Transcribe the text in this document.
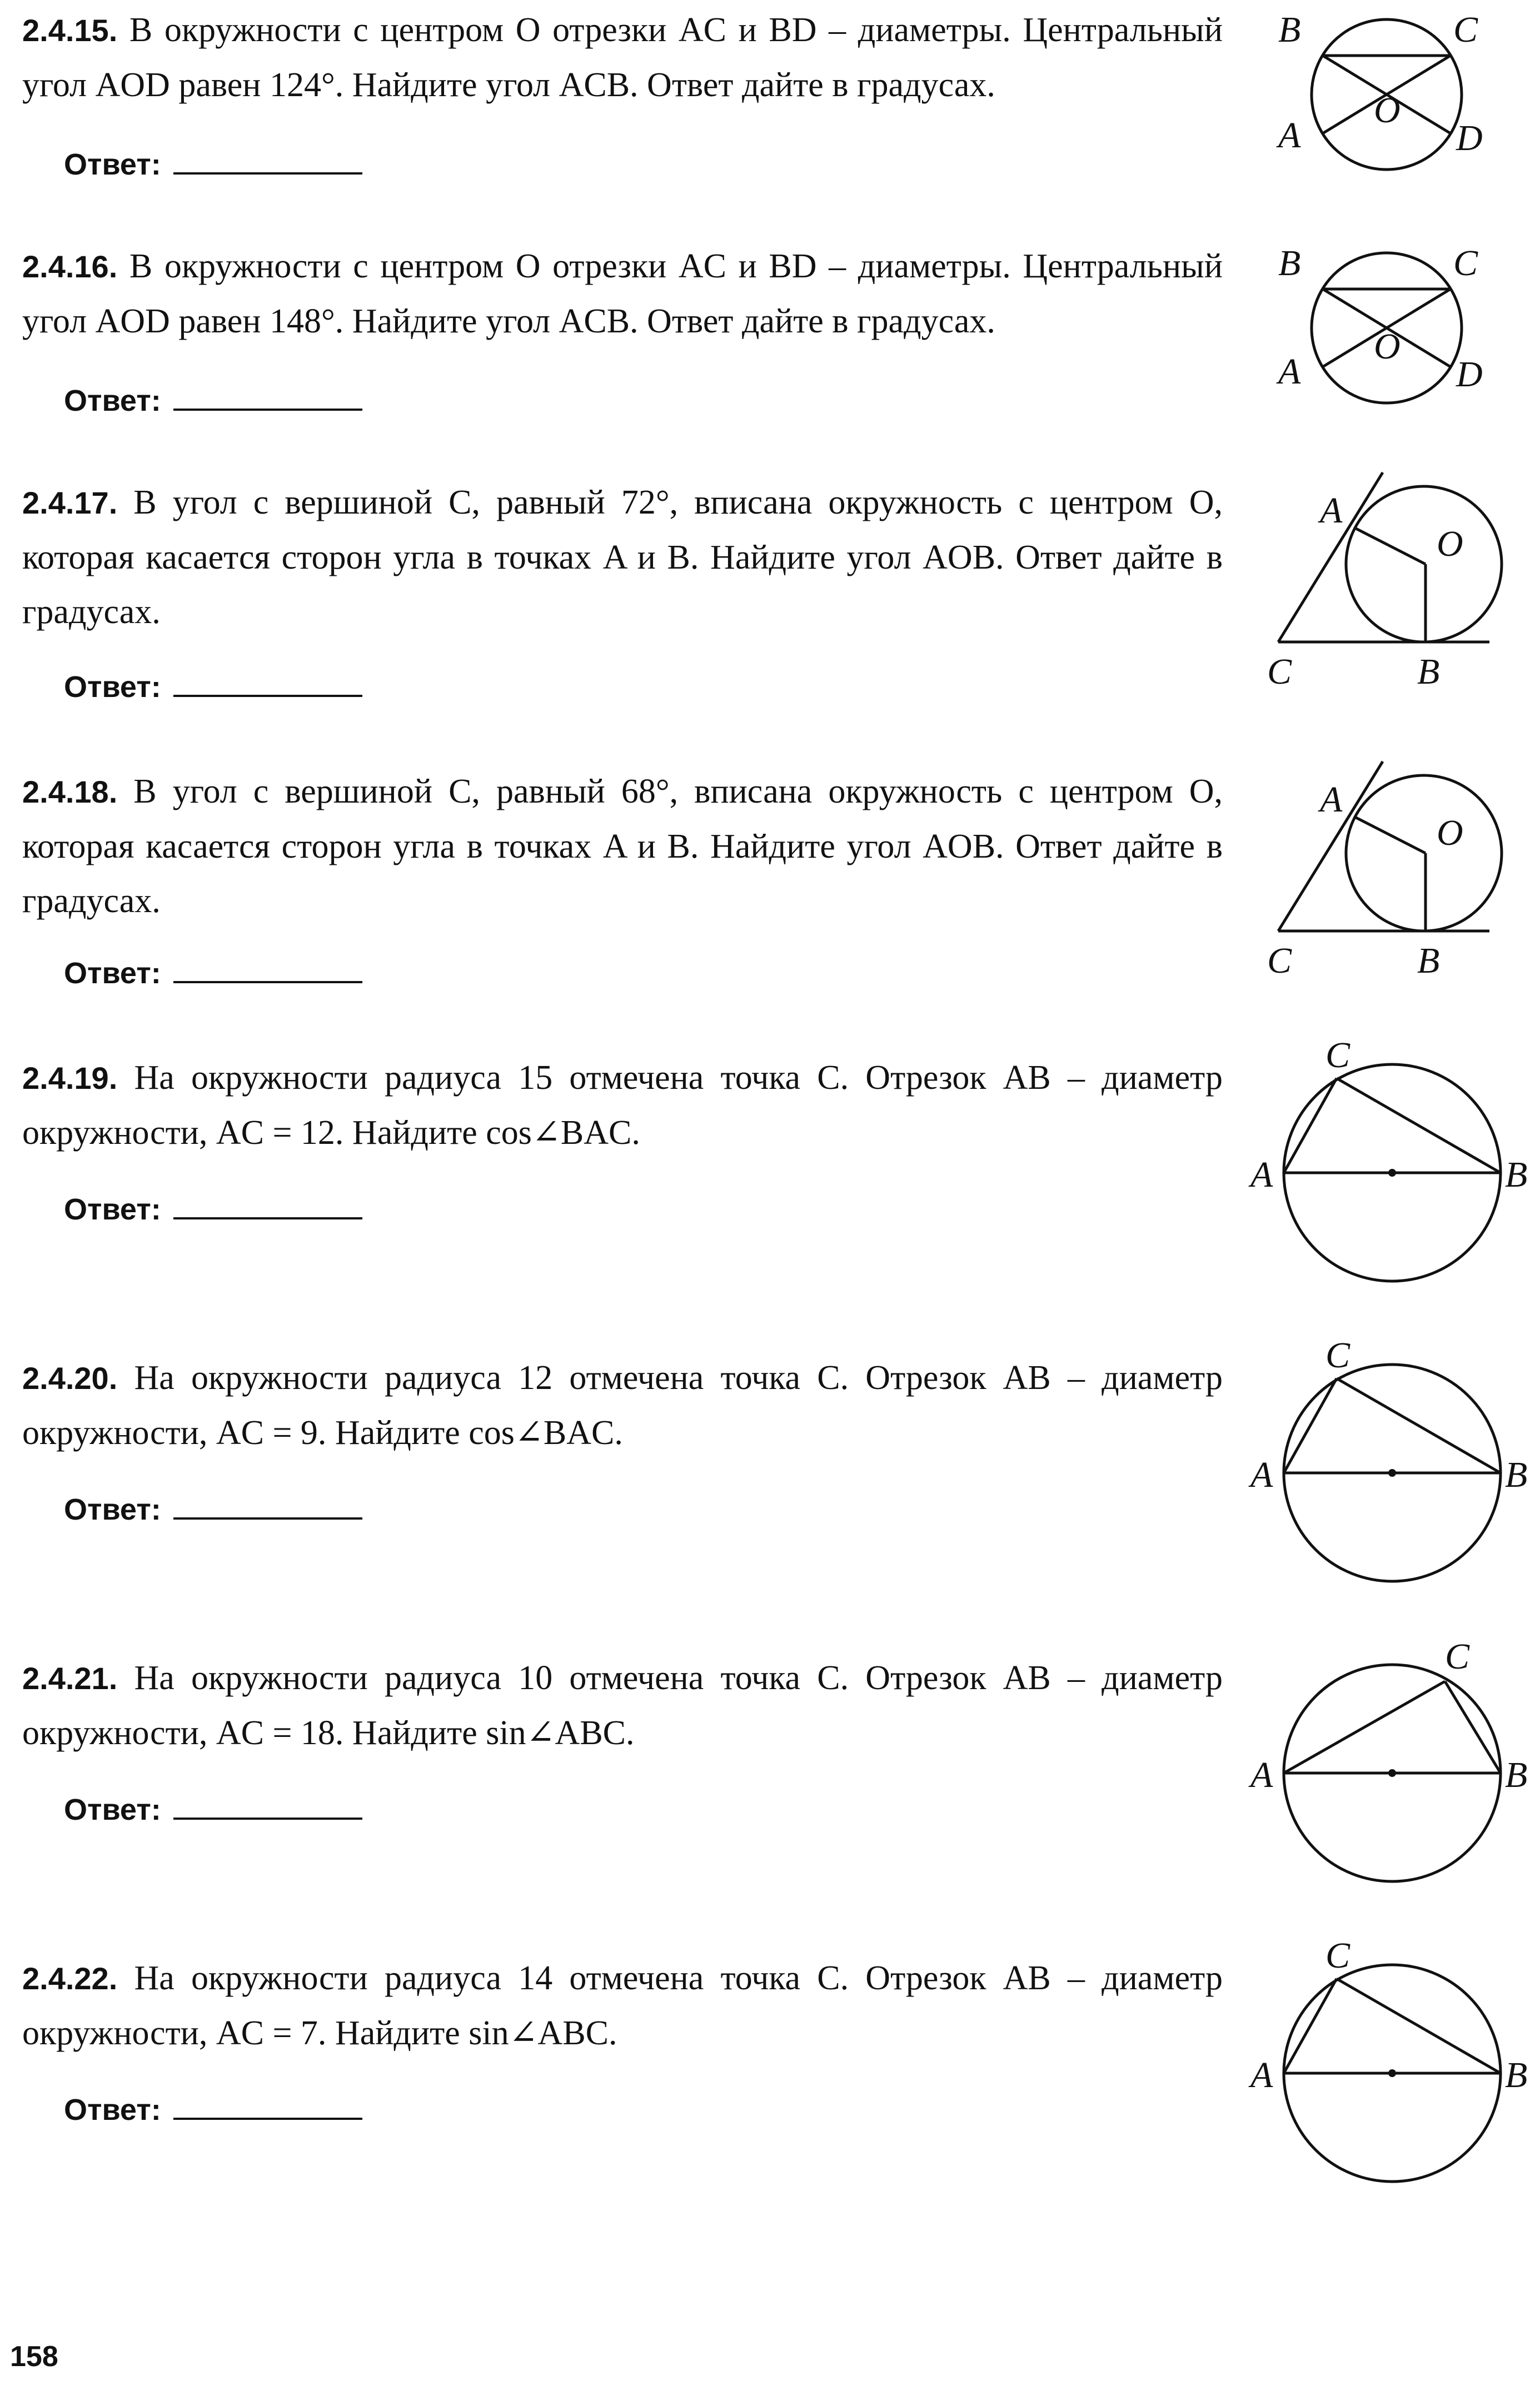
2.4.15. В окружности с центром O отрезки AC и BD – диаметры. Центральный угол AOD равен 124°. Найдите угол ACB. Ответ дайте в градусах.

Ответ:
B	C
A	D
O

2.4.16. В окружности с центром O отрезки AC и BD – диаметры. Центральный угол AOD равен 148°. Найдите угол ACB. Ответ дайте в градусах.

Ответ:
B	C
A	D
O

2.4.17. В угол с вершиной C, равный 72°, вписана окружность с центром O, которая касается сторон угла в точках A и B. Найдите угол AOB. Ответ дайте в градусах.

Ответ:
A
O
C	B

2.4.18. В угол с вершиной C, равный 68°, вписана окружность с центром O, которая касается сторон угла в точках A и B. Найдите угол AOB. Ответ дайте в градусах.

Ответ:
A
O
C	B

2.4.19. На окружности радиуса 15 отмечена точка C. Отрезок AB – диаметр окружности, AC = 12. Найдите cos∠BAC.

Ответ:
C
A	B

2.4.20. На окружности радиуса 12 отмечена точка C. Отрезок AB – диаметр окружности, AC = 9. Найдите cos∠BAC.

Ответ:
C
A	B

2.4.21. На окружности радиуса 10 отмечена точка C. Отрезок AB – диаметр окружности, AC = 18. Найдите sin∠ABC.

Ответ:
C
A	B

2.4.22. На окружности радиуса 14 отмечена точка C. Отрезок AB – диаметр окружности, AC = 7. Найдите sin∠ABC.

Ответ:
C
A	B
158
